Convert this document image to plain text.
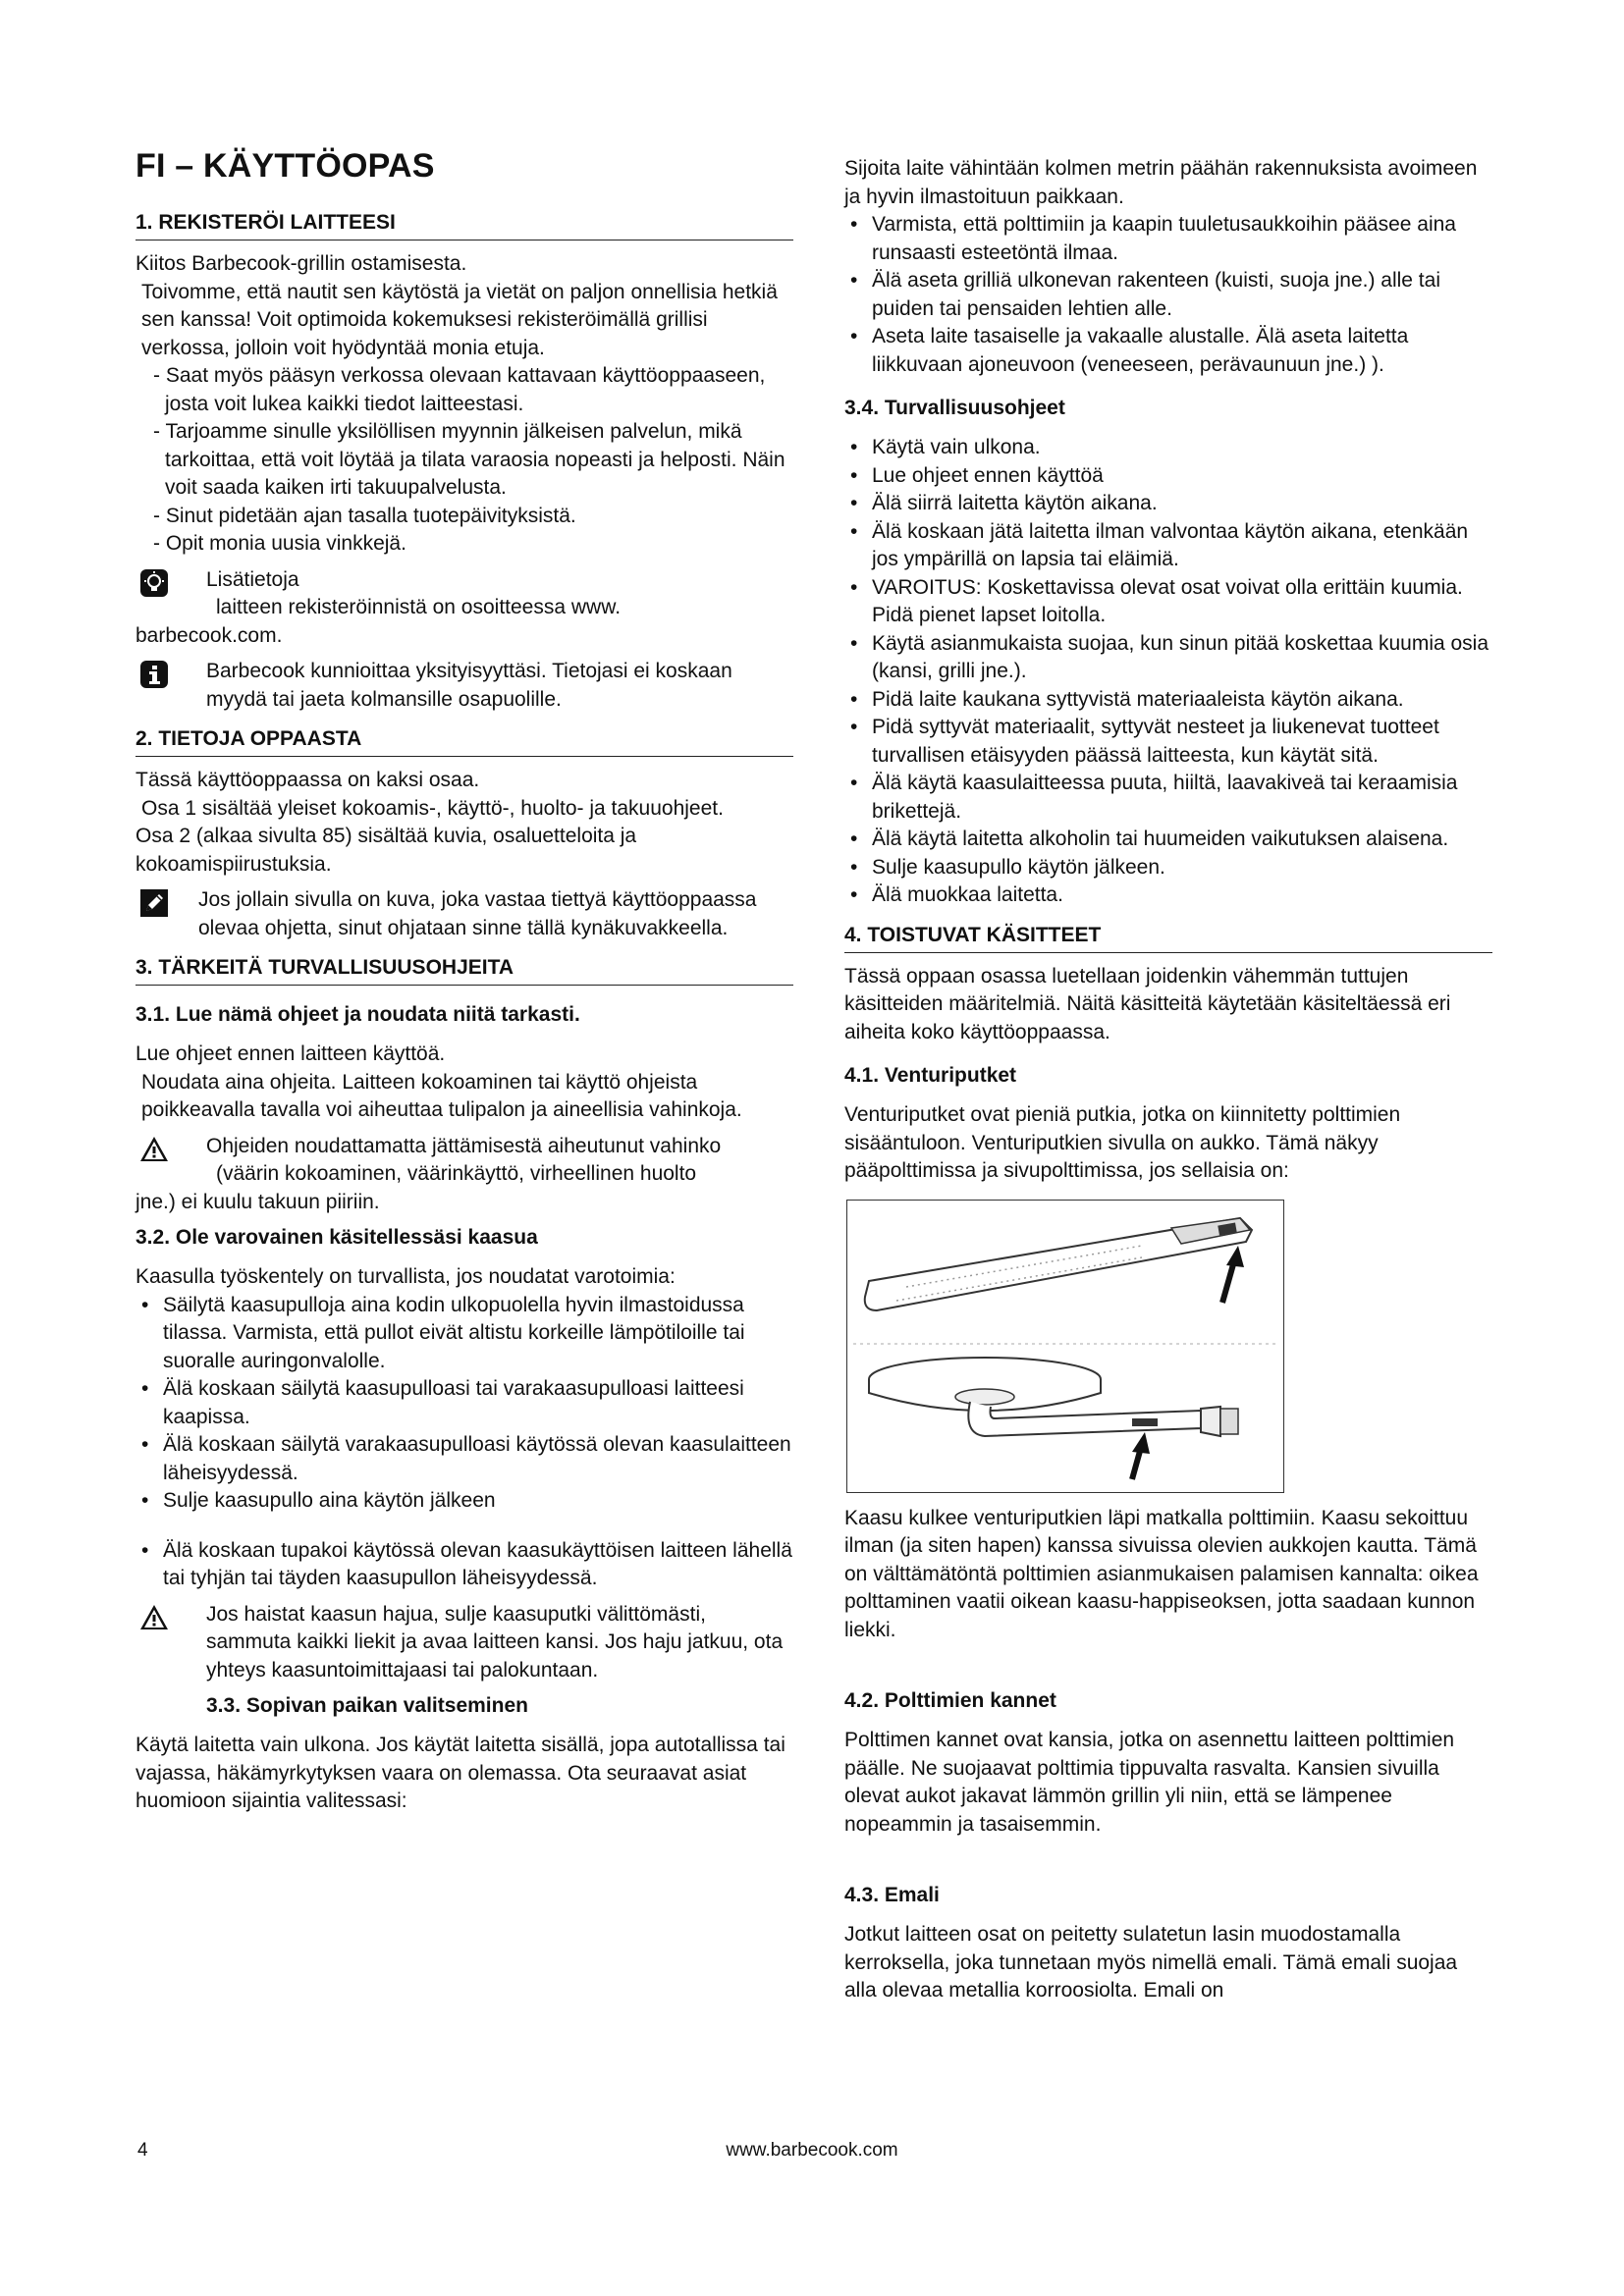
FI – KÄYTTÖOPAS
1. REKISTERÖI LAITTEESI

Kiitos Barbecook-grillin ostamisesta.

Toivomme, että nautit sen käytöstä ja vietät on paljon onnellisia hetkiä sen kanssa! Voit optimoida kokemuksesi rekisteröimällä grillisi verkossa, jolloin voit hyödyntää monia etuja.

- Saat myös pääsyn verkossa olevaan kattavaan käyttöoppaaseen, josta voit lukea kaikki tiedot laitteestasi.

- Tarjoamme sinulle yksilöllisen myynnin jälkeisen palvelun, mikä tarkoittaa, että voit löytää ja tilata varaosia nopeasti ja helposti. Näin voit saada kaiken irti takuupalvelusta.

- Sinut pidetään ajan tasalla tuotepäivityksistä.

- Opit monia uusia vinkkejä.

Lisätietoja

laitteen rekisteröinnistä on osoitteessa www.

barbecook.com.

Barbecook kunnioittaa yksityisyyttäsi. Tietojasi ei koskaan myydä tai jaeta kolmansille osapuolille.

2. TIETOJA OPPAASTA

Tässä käyttöoppaassa on kaksi osaa.

Osa 1 sisältää yleiset kokoamis-, käyttö-, huolto- ja takuuohjeet.

Osa 2 (alkaa sivulta 85) sisältää kuvia, osaluetteloita ja kokoamispiirustuksia.

Jos jollain sivulla on kuva, joka vastaa tiettyä käyttöoppaassa olevaa ohjetta, sinut ohjataan sinne tällä kynäkuvakkeella.

3. TÄRKEITÄ TURVALLISUUSOHJEITA
3.1. Lue nämä ohjeet ja noudata niitä tarkasti.

Lue ohjeet ennen laitteen käyttöä.

Noudata aina ohjeita. Laitteen kokoaminen tai käyttö ohjeista poikkeavalla tavalla voi aiheuttaa tulipalon ja aineellisia vahinkoja.

Ohjeiden noudattamatta jättämisestä aiheutunut vahinko

(väärin kokoaminen, väärinkäyttö, virheellinen huolto

jne.) ei kuulu takuun piiriin.

3.2. Ole varovainen käsitellessäsi kaasua

Kaasulla työskentely on turvallista, jos noudatat varotoimia:

• Säilytä kaasupulloja aina kodin ulkopuolella hyvin ilmastoidussa tilassa. Varmista, että pullot eivät altistu korkeille lämpötiloille tai suoralle auringonvalolle.
• Älä koskaan säilytä kaasupulloasi tai varakaasupulloasi laitteesi kaapissa.
• Älä koskaan säilytä varakaasupulloasi käytössä olevan kaasulaitteen läheisyydessä.
• Sulje kaasupullo aina käytön jälkeen
• Älä koskaan tupakoi käytössä olevan kaasukäyttöisen laitteen lähellä tai tyhjän tai täyden kaasupullon läheisyydessä.

Jos haistat kaasun hajua, sulje kaasuputki välittömästi, sammuta kaikki liekit ja avaa laitteen kansi. Jos haju jatkuu, ota yhteys kaasuntoimittajaasi tai palokuntaan.

3.3. Sopivan paikan valitseminen

Käytä laitetta vain ulkona. Jos käytät laitetta sisällä, jopa autotallissa tai vajassa, häkämyrkytyksen vaara on olemassa. Ota seuraavat asiat huomioon sijaintia valitessasi:

Sijoita laite vähintään kolmen metrin päähän rakennuksista avoimeen ja hyvin ilmastoituun paikkaan.

• Varmista, että polttimiin ja kaapin tuuletusaukkoihin pääsee aina runsaasti esteetöntä ilmaa.
• Älä aseta grilliä ulkonevan rakenteen (kuisti, suoja jne.) alle tai puiden tai pensaiden lehtien alle.
• Aseta laite tasaiselle ja vakaalle alustalle. Älä aseta laitetta liikkuvaan ajoneuvoon (veneeseen, perävaunuun jne.) ).
3.4. Turvallisuusohjeet
• Käytä vain ulkona.
• Lue ohjeet ennen käyttöä
• Älä siirrä laitetta käytön aikana.
• Älä koskaan jätä laitetta ilman valvontaa käytön aikana, etenkään jos ympärillä on lapsia tai eläimiä.
• VAROITUS: Koskettavissa olevat osat voivat olla erittäin kuumia. Pidä pienet lapset loitolla.
• Käytä asianmukaista suojaa, kun sinun pitää koskettaa kuumia osia (kansi, grilli jne.).
• Pidä laite kaukana syttyvistä materiaaleista käytön aikana.
• Pidä syttyvät materiaalit, syttyvät nesteet ja liukenevat tuotteet turvallisen etäisyyden päässä laitteesta, kun käytät sitä.
• Älä käytä kaasulaitteessa puuta, hiiltä, laavakiveä tai keraamisia brikettejä.
• Älä käytä laitetta alkoholin tai huumeiden vaikutuksen alaisena.
• Sulje kaasupullo käytön jälkeen.
• Älä muokkaa laitetta.
4. TOISTUVAT KÄSITTEET

Tässä oppaan osassa luetellaan joidenkin vähemmän tuttujen käsitteiden määritelmiä. Näitä käsitteitä käytetään käsiteltäessä eri aiheita koko käyttöoppaassa.

4.1. Venturiputket

Venturiputket ovat pieniä putkia, jotka on kiinnitetty polttimien sisääntuloon. Venturiputkien sivulla on aukko. Tämä näkyy pääpolttimissa ja sivupolttimissa, jos sellaisia on:

Kaasu kulkee venturiputkien läpi matkalla polttimiin. Kaasu sekoittuu ilman (ja siten hapen) kanssa sivuissa olevien aukkojen kautta. Tämä on välttämätöntä polttimien asianmukaisen palamisen kannalta: oikea polttaminen vaatii oikean kaasu-happiseoksen, jotta saadaan kunnon liekki.

4.2. Polttimien kannet

Polttimen kannet ovat kansia, jotka on asennettu laitteen polttimien päälle. Ne suojaavat polttimia tippuvalta rasvalta. Kansien sivuilla olevat aukot jakavat lämmön grillin yli niin, että se lämpenee nopeammin ja tasaisemmin.

4.3. Emali

Jotkut laitteen osat on peitetty sulatetun lasin muodostamalla kerroksella, joka tunnetaan myös nimellä emali. Tämä emali suojaa alla olevaa metallia korroosiolta. Emali on

4	www.barbecook.com
